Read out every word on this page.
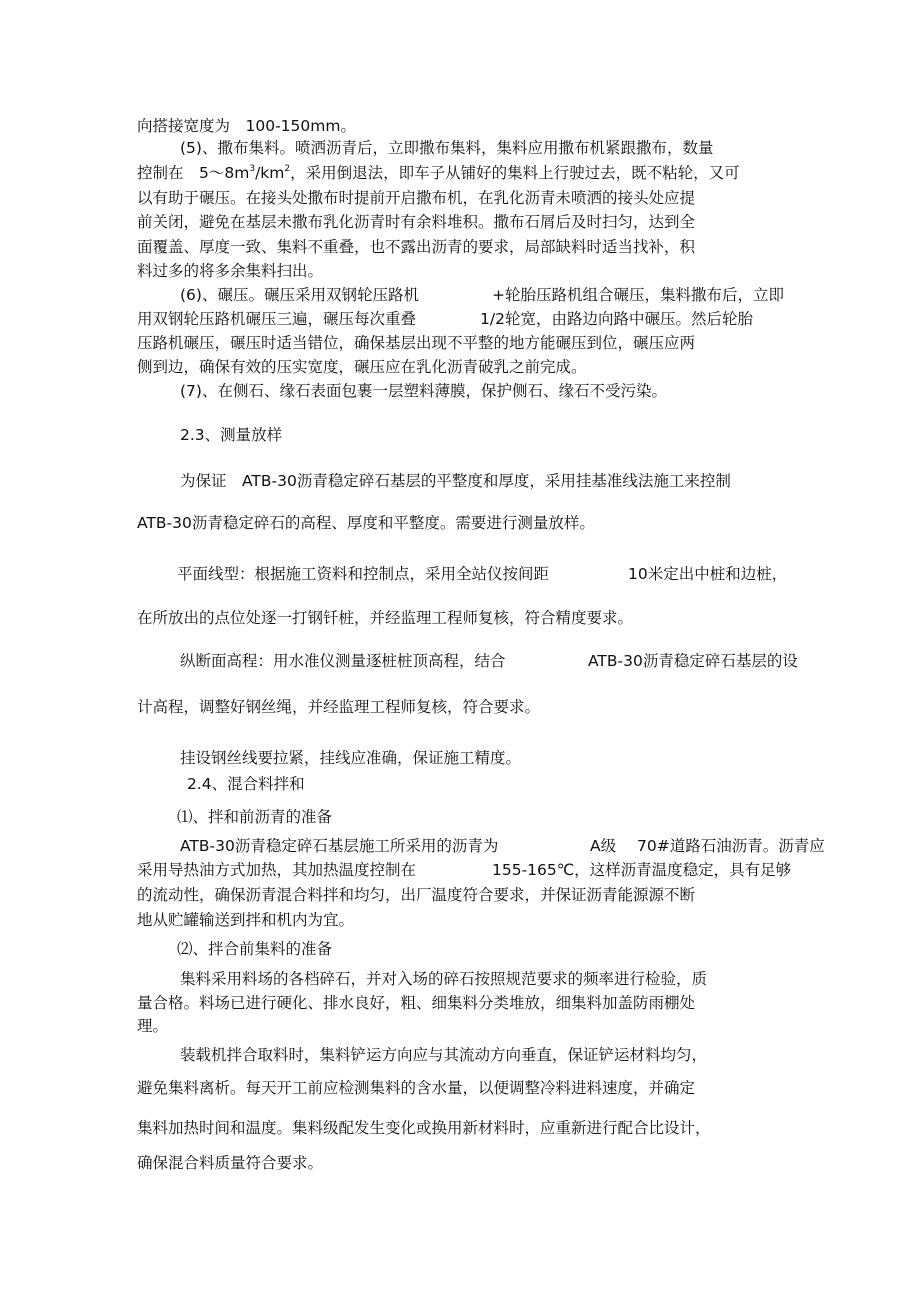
向搭接宽度为　100-150mm。
(5)、撒布集料。喷洒沥青后，立即撒布集料，集料应用撒布机紧跟撒布，数量
控制在　$5\sim 8m^3/km^2$，采用倒退法，即车子从铺好的集料上行驶过去，既不粘轮，又可
以有助于碾压。在接头处撒布时提前开启撒布机，在乳化沥青未喷洒的接头处应提
前关闭，避免在基层未撒布乳化沥青时有余料堆积。撒布石屑后及时扫匀，达到全
面覆盖、厚度一致、集料不重叠，也不露出沥青的要求，局部缺料时适当找补，积
料过多的将多余集料扫出。
(6)、碾压。碾压采用双钢轮压路机	+轮胎压路机组合碾压，集料撒布后，立即
用双钢轮压路机碾压三遍，碾压每次重叠	1/2轮宽，由路边向路中碾压。然后轮胎
压路机碾压，碾压时适当错位，确保基层出现不平整的地方能碾压到位，碾压应两
侧到边，确保有效的压实宽度，碾压应在乳化沥青破乳之前完成。
(7)、在侧石、缘石表面包裹一层塑料薄膜，保护侧石、缘石不受污染。
2.3、测量放样
为保证　ATB-30沥青稳定碎石基层的平整度和厚度，采用挂基准线法施工来控制
ATB-30沥青稳定碎石的高程、厚度和平整度。需要进行测量放样。
平面线型：根据施工资料和控制点，采用全站仪按间距	10米定出中桩和边桩，
在所放出的点位处逐一打钢钎桩，并经监理工程师复核，符合精度要求。
纵断面高程：用水准仪测量逐桩桩顶高程，结合	ATB-30沥青稳定碎石基层的设
计高程，调整好钢丝绳，并经监理工程师复核，符合要求。
挂设钢丝线要拉紧，挂线应准确，保证施工精度。
2.4、混合料拌和
⑴、拌和前沥青的准备
ATB-30沥青稳定碎石基层施工所采用的沥青为	A级 70#道路石油沥青。沥青应
采用导热油方式加热，其加热温度控制在	155-165℃，这样沥青温度稳定，具有足够
的流动性，确保沥青混合料拌和均匀，出厂温度符合要求，并保证沥青能源源不断
地从贮罐输送到拌和机内为宜。
⑵、拌合前集料的准备
集料采用料场的各档碎石，并对入场的碎石按照规范要求的频率进行检验，质
量合格。料场已进行硬化、排水良好，粗、细集料分类堆放，细集料加盖防雨棚处
理。
装载机拌合取料时，集料铲运方向应与其流动方向垂直，保证铲运材料均匀，
避免集料离析。每天开工前应检测集料的含水量，以便调整冷料进料速度，并确定
集料加热时间和温度。集料级配发生变化或换用新材料时，应重新进行配合比设计，
确保混合料质量符合要求。
